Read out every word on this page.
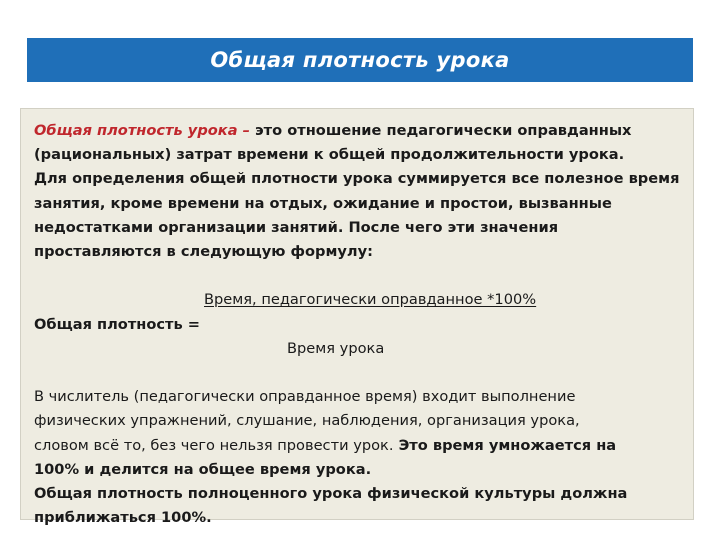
Общая плотность урока

Общая плотность урока – это отношение педагогически оправданных

(рациональных) затрат времени к общей продолжительности урока.

Для определения общей плотности урока суммируется все полезное время

занятия, кроме времени на отдых, ожидание и простои, вызванные

недостатками организации занятий. После чего эти значения

проставляются в следующую формулу:

Время, педагогически оправданное *100%

Общая плотность =

Время урока

В числитель (педагогически оправданное время) входит выполнение

физических упражнений, слушание, наблюдения, организация урока,

словом всё то, без чего нельзя провести урок. Это время умножается на

100% и делится на общее время урока.

Общая плотность полноценного урока физической культуры должна

приближаться 100%.
